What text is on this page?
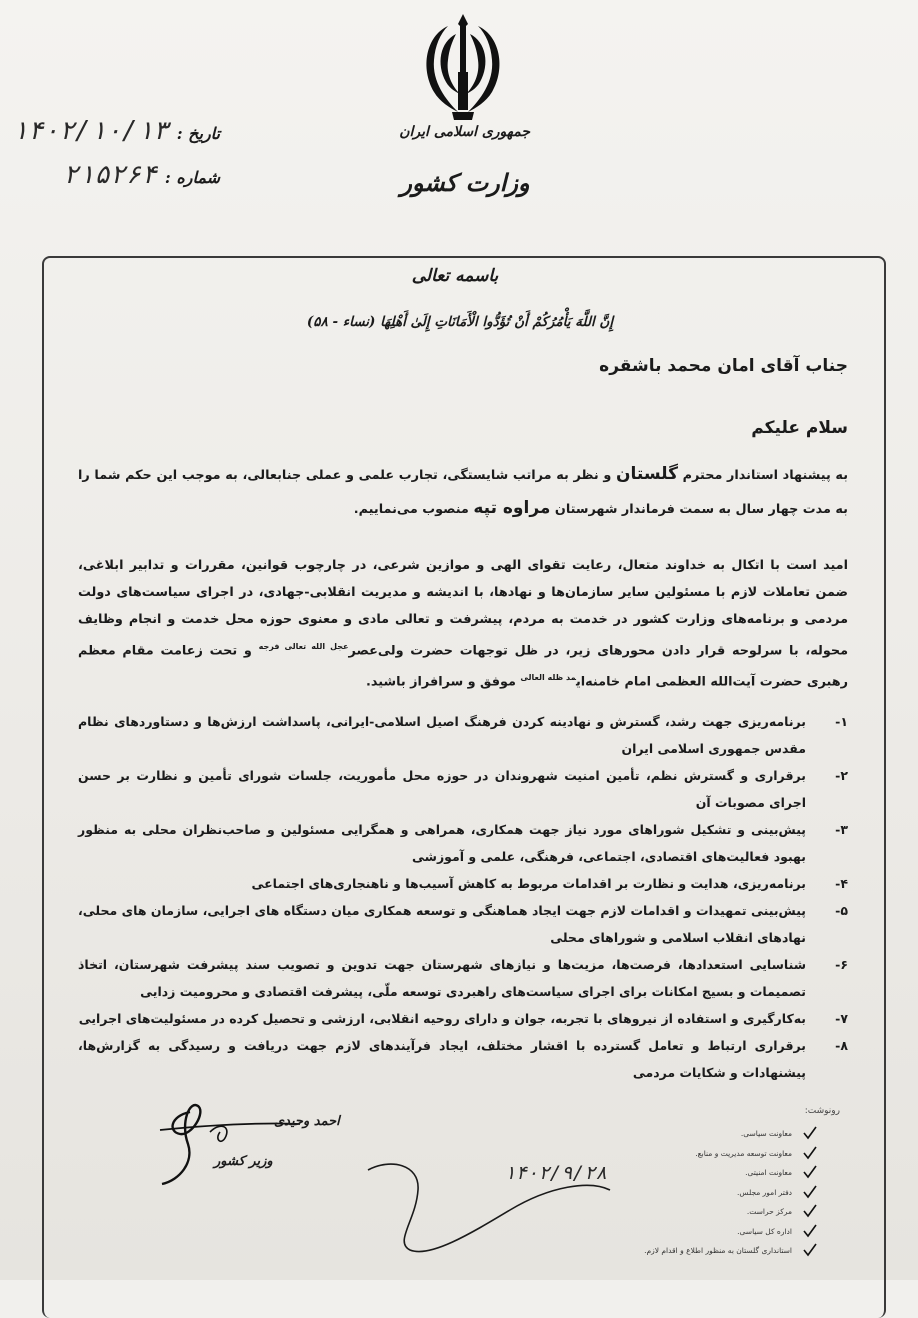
جمهوری اسلامی ایران
وزارت کشور
تاریخ :
۱۴۰۲/۱۰/۱۳
شماره :
۲۱۵۲۶۴
باسمه تعالی
إِنَّ اللَّهَ يَأْمُرُكُمْ أَنْ تُؤَدُّوا الْأَمَانَاتِ إِلَىٰ أَهْلِهَا (نساء - ۵۸)
جناب آقای امان محمد باشقره
سلام علیکم

به پیشنهاد استاندار محترم گلستان و نظر به مراتب شایستگی، تجارب علمی و عملی جنابعالی، به موجب این حکم شما را به مدت چهار سال به سمت فرماندار شهرستان مراوه تپه منصوب می‌نماییم.

امید است با اتکال به خداوند متعال، رعایت تقوای الهی و موازین شرعی، در چارچوب قوانین، مقررات و تدابیر ابلاغی، ضمن تعاملات لازم با مسئولین سایر سازمان‌ها و نهادها، با اندیشه و مدیریت انقلابی-جهادی، در اجرای سیاست‌های دولت مردمی و برنامه‌های وزارت کشور در خدمت به مردم، پیشرفت و تعالی مادی و معنوی حوزه محل خدمت و انجام وظایف محوله، با سرلوحه قرار دادن محورهای زیر، در ظل توجهات حضرت ولی‌عصر$^{عجل الله تعالی فرجه}$ و تحت زعامت مقام معظم رهبری حضرت آیت‌الله العظمی امام خامنه‌ای$^{مد ظله العالی}$ موفق و سرافراز باشید.

۱-
برنامه‌ریزی جهت رشد، گسترش و نهادینه کردن فرهنگ اصیل اسلامی-ایرانی، پاسداشت ارزش‌ها و دستاوردهای نظام مقدس جمهوری اسلامی ایران
۲-
برقراری و گسترش نظم، تأمین امنیت شهروندان در حوزه محل مأموریت، جلسات شورای تأمین و نظارت بر حسن اجرای مصوبات آن
۳-
پیش‌بینی و تشکیل شوراهای مورد نیاز جهت همکاری، همراهی و همگرایی مسئولین و صاحب‌نظران محلی به منظور بهبود فعالیت‌های اقتصادی، اجتماعی، فرهنگی، علمی و آموزشی
۴-
برنامه‌ریزی، هدایت و نظارت بر اقدامات مربوط به کاهش آسیب‌ها و ناهنجاری‌های اجتماعی
۵-
پیش‌بینی تمهیدات و اقدامات لازم جهت ایجاد هماهنگی و توسعه همکاری میان دستگاه های اجرایی، سازمان های محلی، نهادهای انقلاب اسلامی و شوراهای محلی
۶-
شناسایی استعدادها، فرصت‌ها، مزیت‌ها و نیازهای شهرستان جهت تدوین و تصویب سند پیشرفت شهرستان، اتخاذ تصمیمات و بسیج امکانات برای اجرای سیاست‌های راهبردی توسعه ملّی، پیشرفت اقتصادی و محرومیت زدایی
۷-
به‌کارگیری و استفاده از نیروهای با تجربه، جوان و دارای روحیه انقلابی، ارزشی و تحصیل کرده در مسئولیت‌های اجرایی
۸-
برقراری ارتباط و تعامل گسترده با اقشار مختلف، ایجاد فرآیندهای لازم جهت دریافت و رسیدگی به گزارش‌ها، پیشنهادات و شکایات مردمی
احمد وحیدی
وزیر کشور
۱۴۰۲/۹/۲۸
رونوشت:
معاونت سیاسی.
معاونت توسعه مدیریت و منابع.
معاونت امنیتی.
دفتر امور مجلس.
مرکز حراست.
اداره کل سیاسی.
استانداری گلستان به منظور اطلاع و اقدام لازم.
